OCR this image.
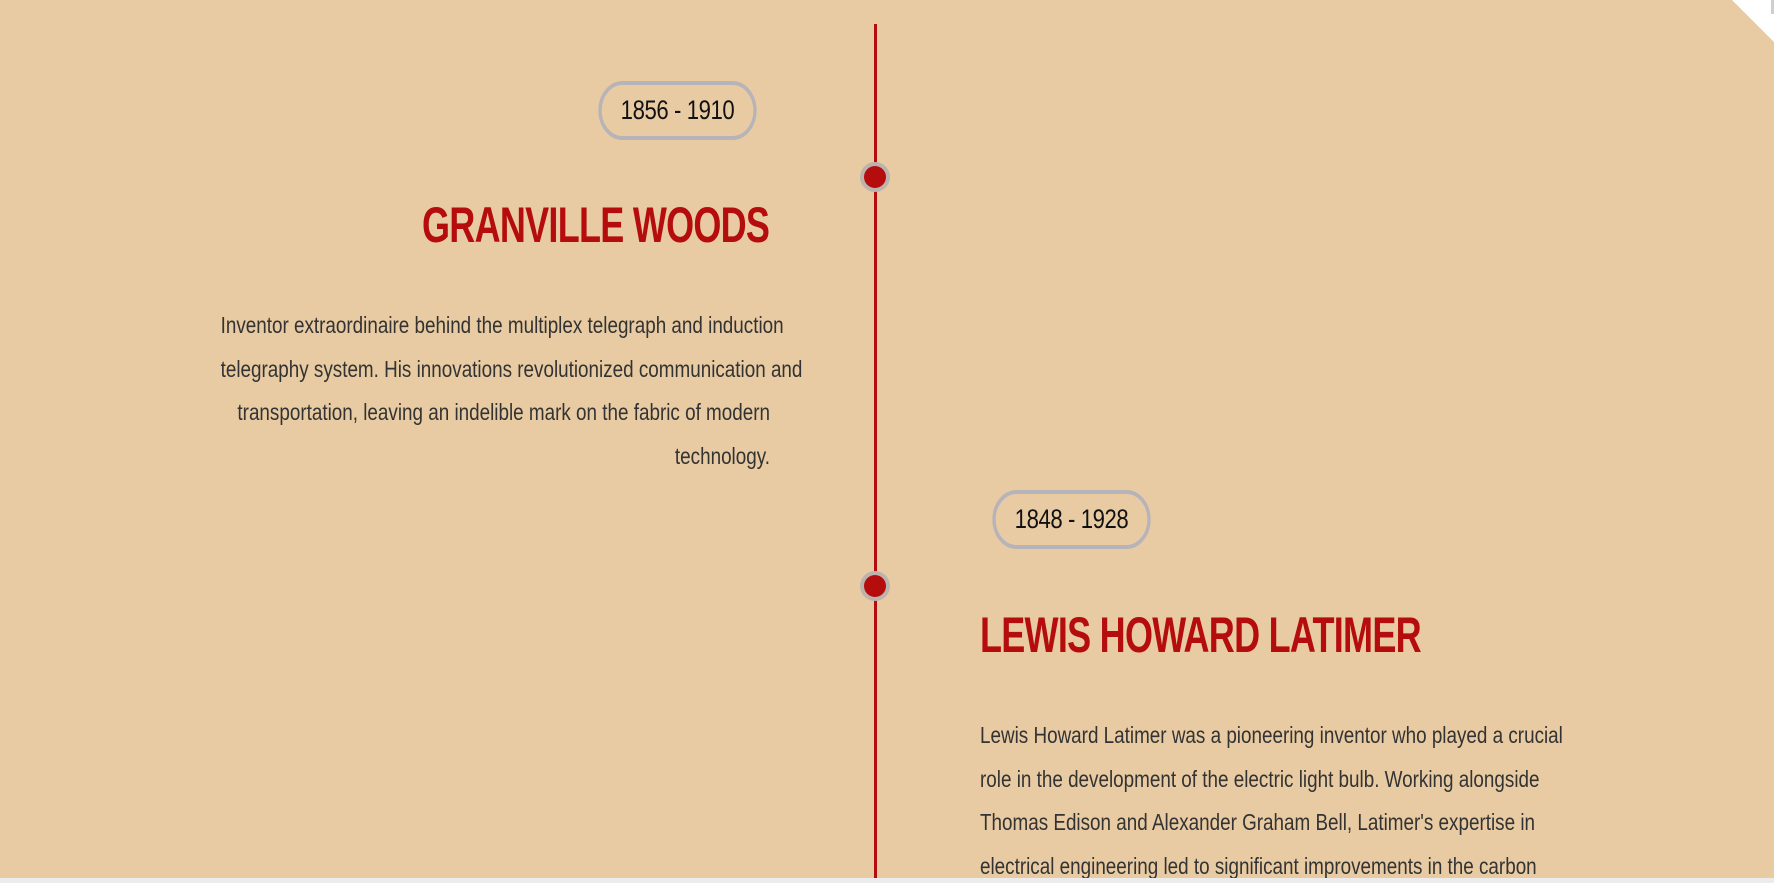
1856 - 1910
GRANVILLE WOODS
Inventor extraordinaire behind the multiplex telegraph and induction
telegraphy system. His innovations revolutionized communication and
transportation, leaving an indelible mark on the fabric of modern
technology.
1848 - 1928
LEWIS HOWARD LATIMER
Lewis Howard Latimer was a pioneering inventor who played a crucial
role in the development of the electric light bulb. Working alongside
Thomas Edison and Alexander Graham Bell, Latimer's expertise in
electrical engineering led to significant improvements in the carbon
